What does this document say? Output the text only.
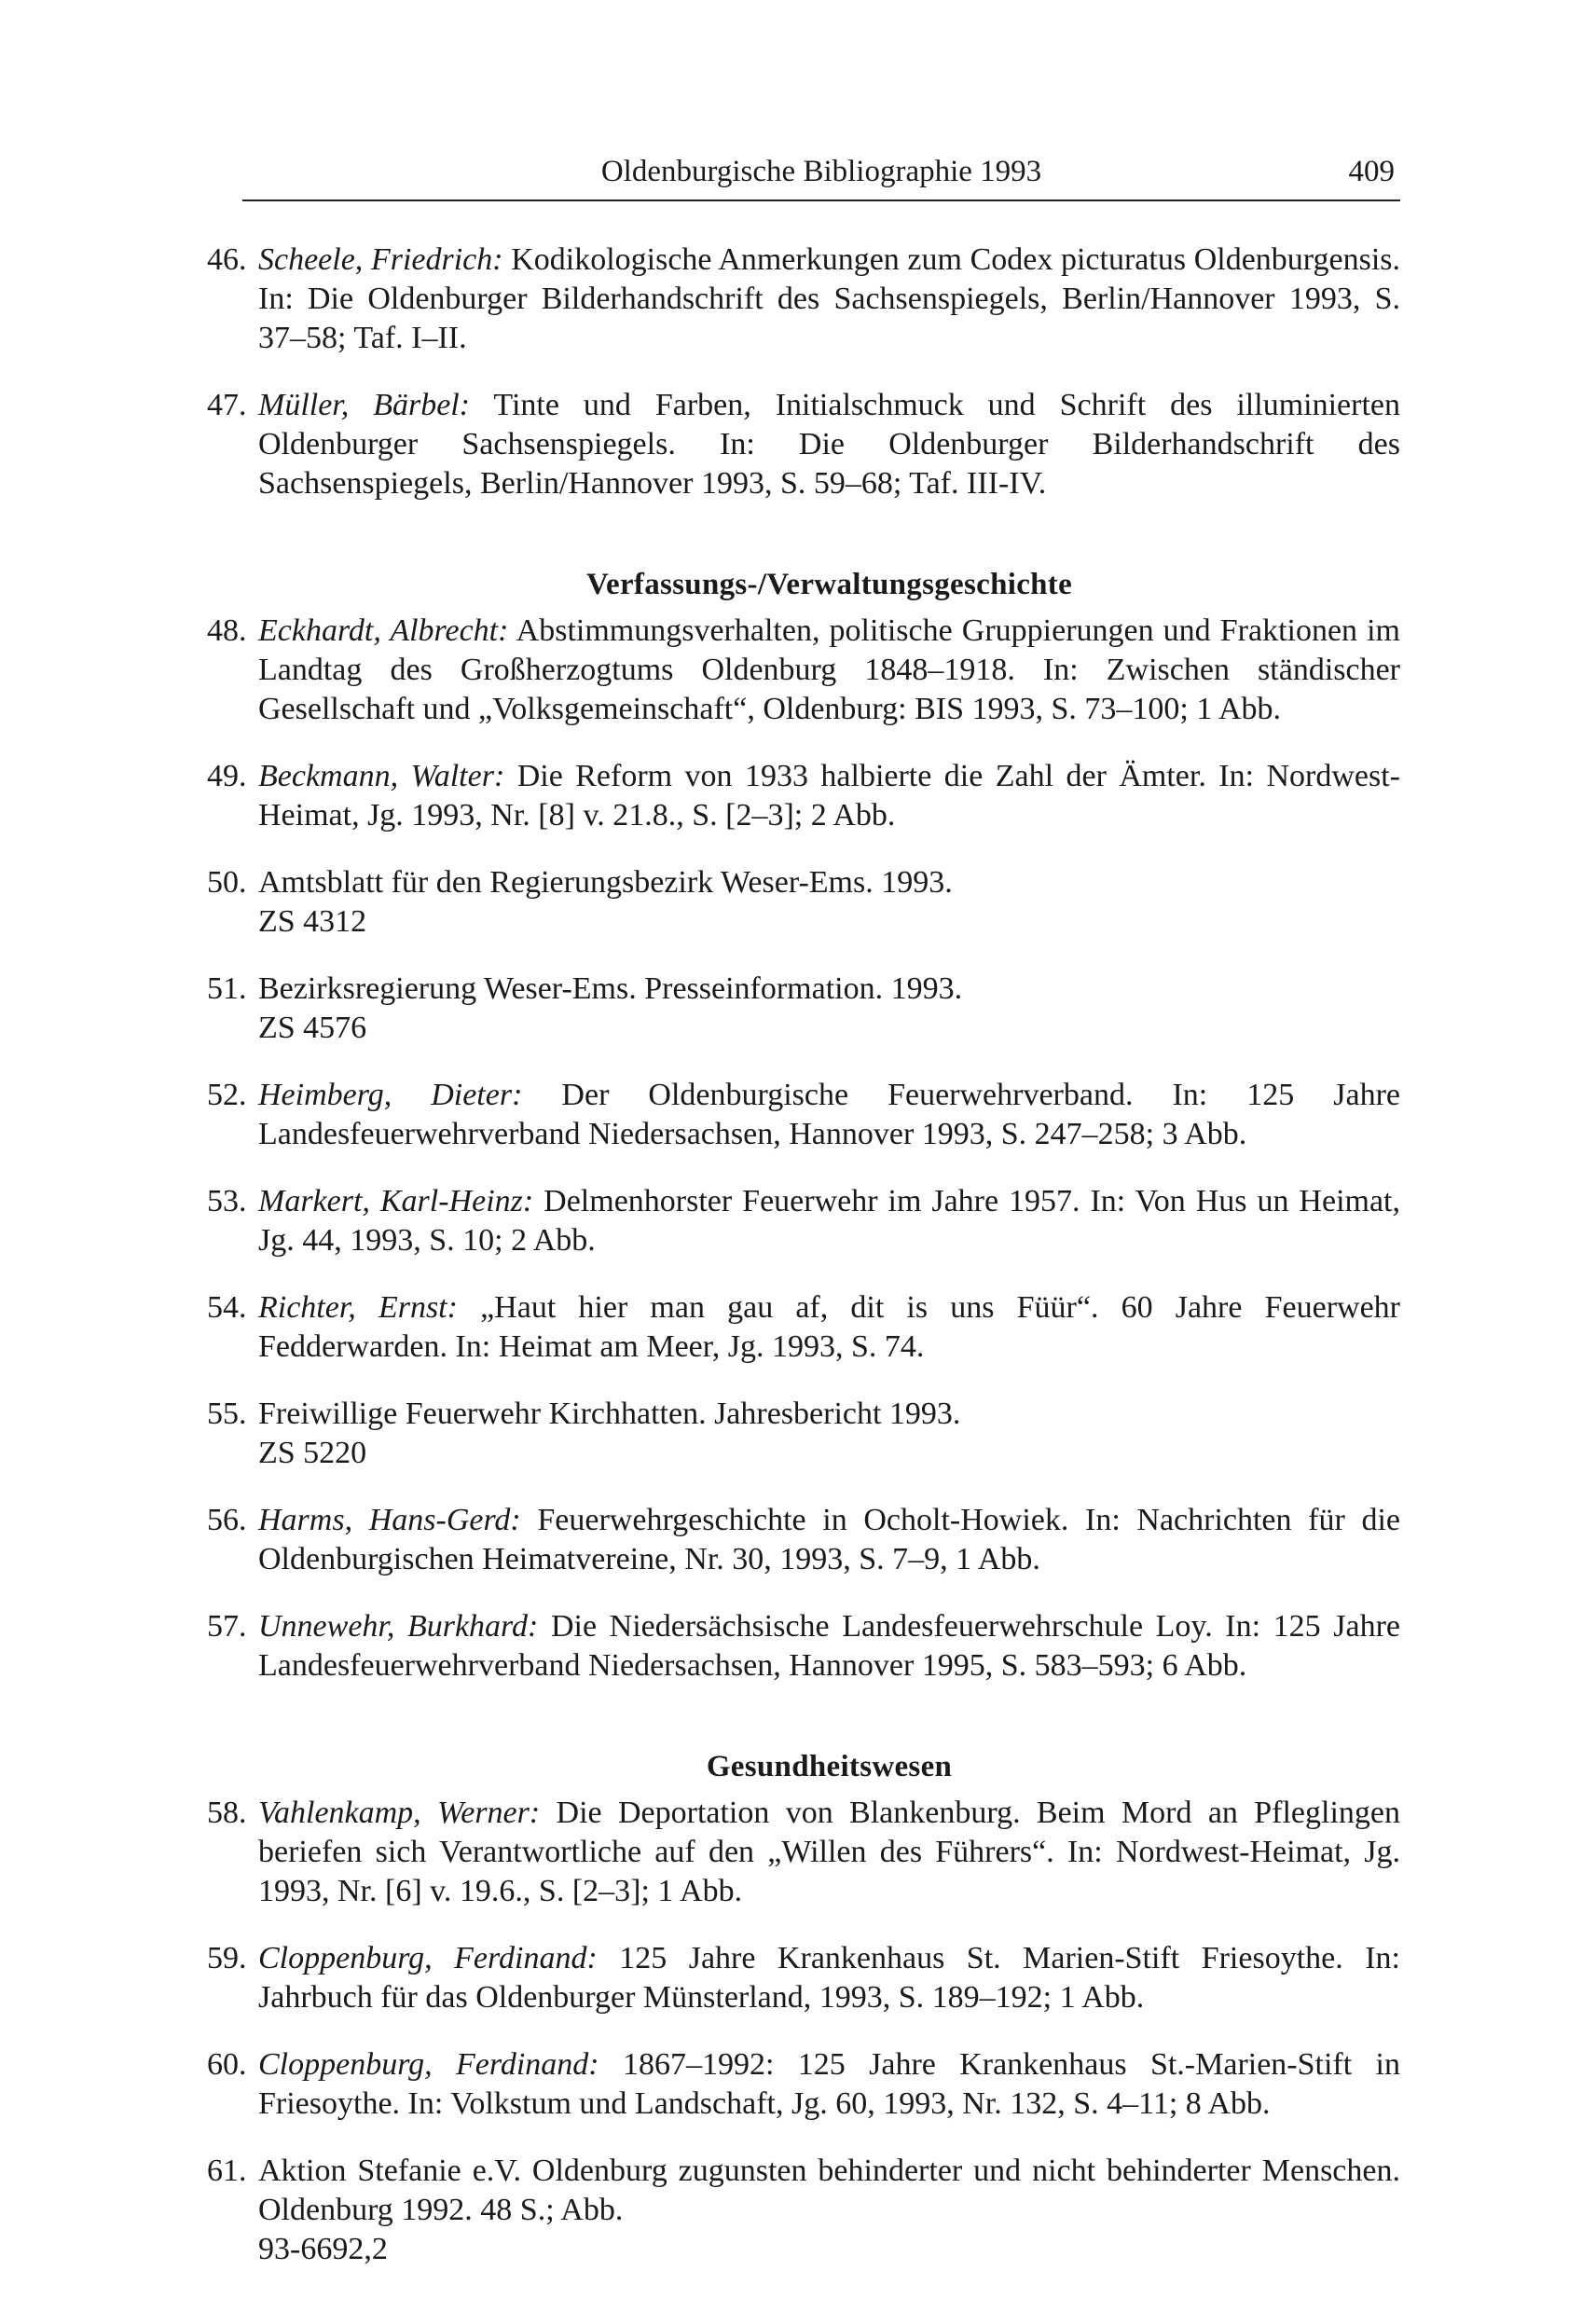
Oldenburgische Bibliographie 1993	409
46. Scheele, Friedrich: Kodikologische Anmerkungen zum Codex picturatus Oldenburgensis. In: Die Oldenburger Bilderhandschrift des Sachsenspiegels, Berlin/Hannover 1993, S. 37–58; Taf. I–II.
47. Müller, Bärbel: Tinte und Farben, Initialschmuck und Schrift des illuminierten Oldenburger Sachsenspiegels. In: Die Oldenburger Bilderhandschrift des Sachsenspiegels, Berlin/Hannover 1993, S. 59–68; Taf. III-IV.
Verfassungs-/Verwaltungsgeschichte
48. Eckhardt, Albrecht: Abstimmungsverhalten, politische Gruppierungen und Fraktionen im Landtag des Großherzogtums Oldenburg 1848–1918. In: Zwischen ständischer Gesellschaft und „Volksgemeinschaft“, Oldenburg: BIS 1993, S. 73–100; 1 Abb.
49. Beckmann, Walter: Die Reform von 1933 halbierte die Zahl der Ämter. In: Nordwest-Heimat, Jg. 1993, Nr. [8] v. 21.8., S. [2–3]; 2 Abb.
50. Amtsblatt für den Regierungsbezirk Weser-Ems. 1993.
ZS 4312
51. Bezirksregierung Weser-Ems. Presseinformation. 1993.
ZS 4576
52. Heimberg, Dieter: Der Oldenburgische Feuerwehrverband. In: 125 Jahre Landesfeuerwehrverband Niedersachsen, Hannover 1993, S. 247–258; 3 Abb.
53. Markert, Karl-Heinz: Delmenhorster Feuerwehr im Jahre 1957. In: Von Hus un Heimat, Jg. 44, 1993, S. 10; 2 Abb.
54. Richter, Ernst: „Haut hier man gau af, dit is uns Füür“. 60 Jahre Feuerwehr Fedderwarden. In: Heimat am Meer, Jg. 1993, S. 74.
55. Freiwillige Feuerwehr Kirchhatten. Jahresbericht 1993.
ZS 5220
56. Harms, Hans-Gerd: Feuerwehrgeschichte in Ocholt-Howiek. In: Nachrichten für die Oldenburgischen Heimatvereine, Nr. 30, 1993, S. 7–9, 1 Abb.
57. Unnewehr, Burkhard: Die Niedersächsische Landesfeuerwehrschule Loy. In: 125 Jahre Landesfeuerwehrverband Niedersachsen, Hannover 1995, S. 583–593; 6 Abb.
Gesundheitswesen
58. Vahlenkamp, Werner: Die Deportation von Blankenburg. Beim Mord an Pfleglingen beriefen sich Verantwortliche auf den „Willen des Führers“. In: Nordwest-Heimat, Jg. 1993, Nr. [6] v. 19.6., S. [2–3]; 1 Abb.
59. Cloppenburg, Ferdinand: 125 Jahre Krankenhaus St. Marien-Stift Friesoythe. In: Jahrbuch für das Oldenburger Münsterland, 1993, S. 189–192; 1 Abb.
60. Cloppenburg, Ferdinand: 1867–1992: 125 Jahre Krankenhaus St.-Marien-Stift in Friesoythe. In: Volkstum und Landschaft, Jg. 60, 1993, Nr. 132, S. 4–11; 8 Abb.
61. Aktion Stefanie e.V. Oldenburg zugunsten behinderter und nicht behinderter Menschen. Oldenburg 1992. 48 S.; Abb.
93-6692,2
